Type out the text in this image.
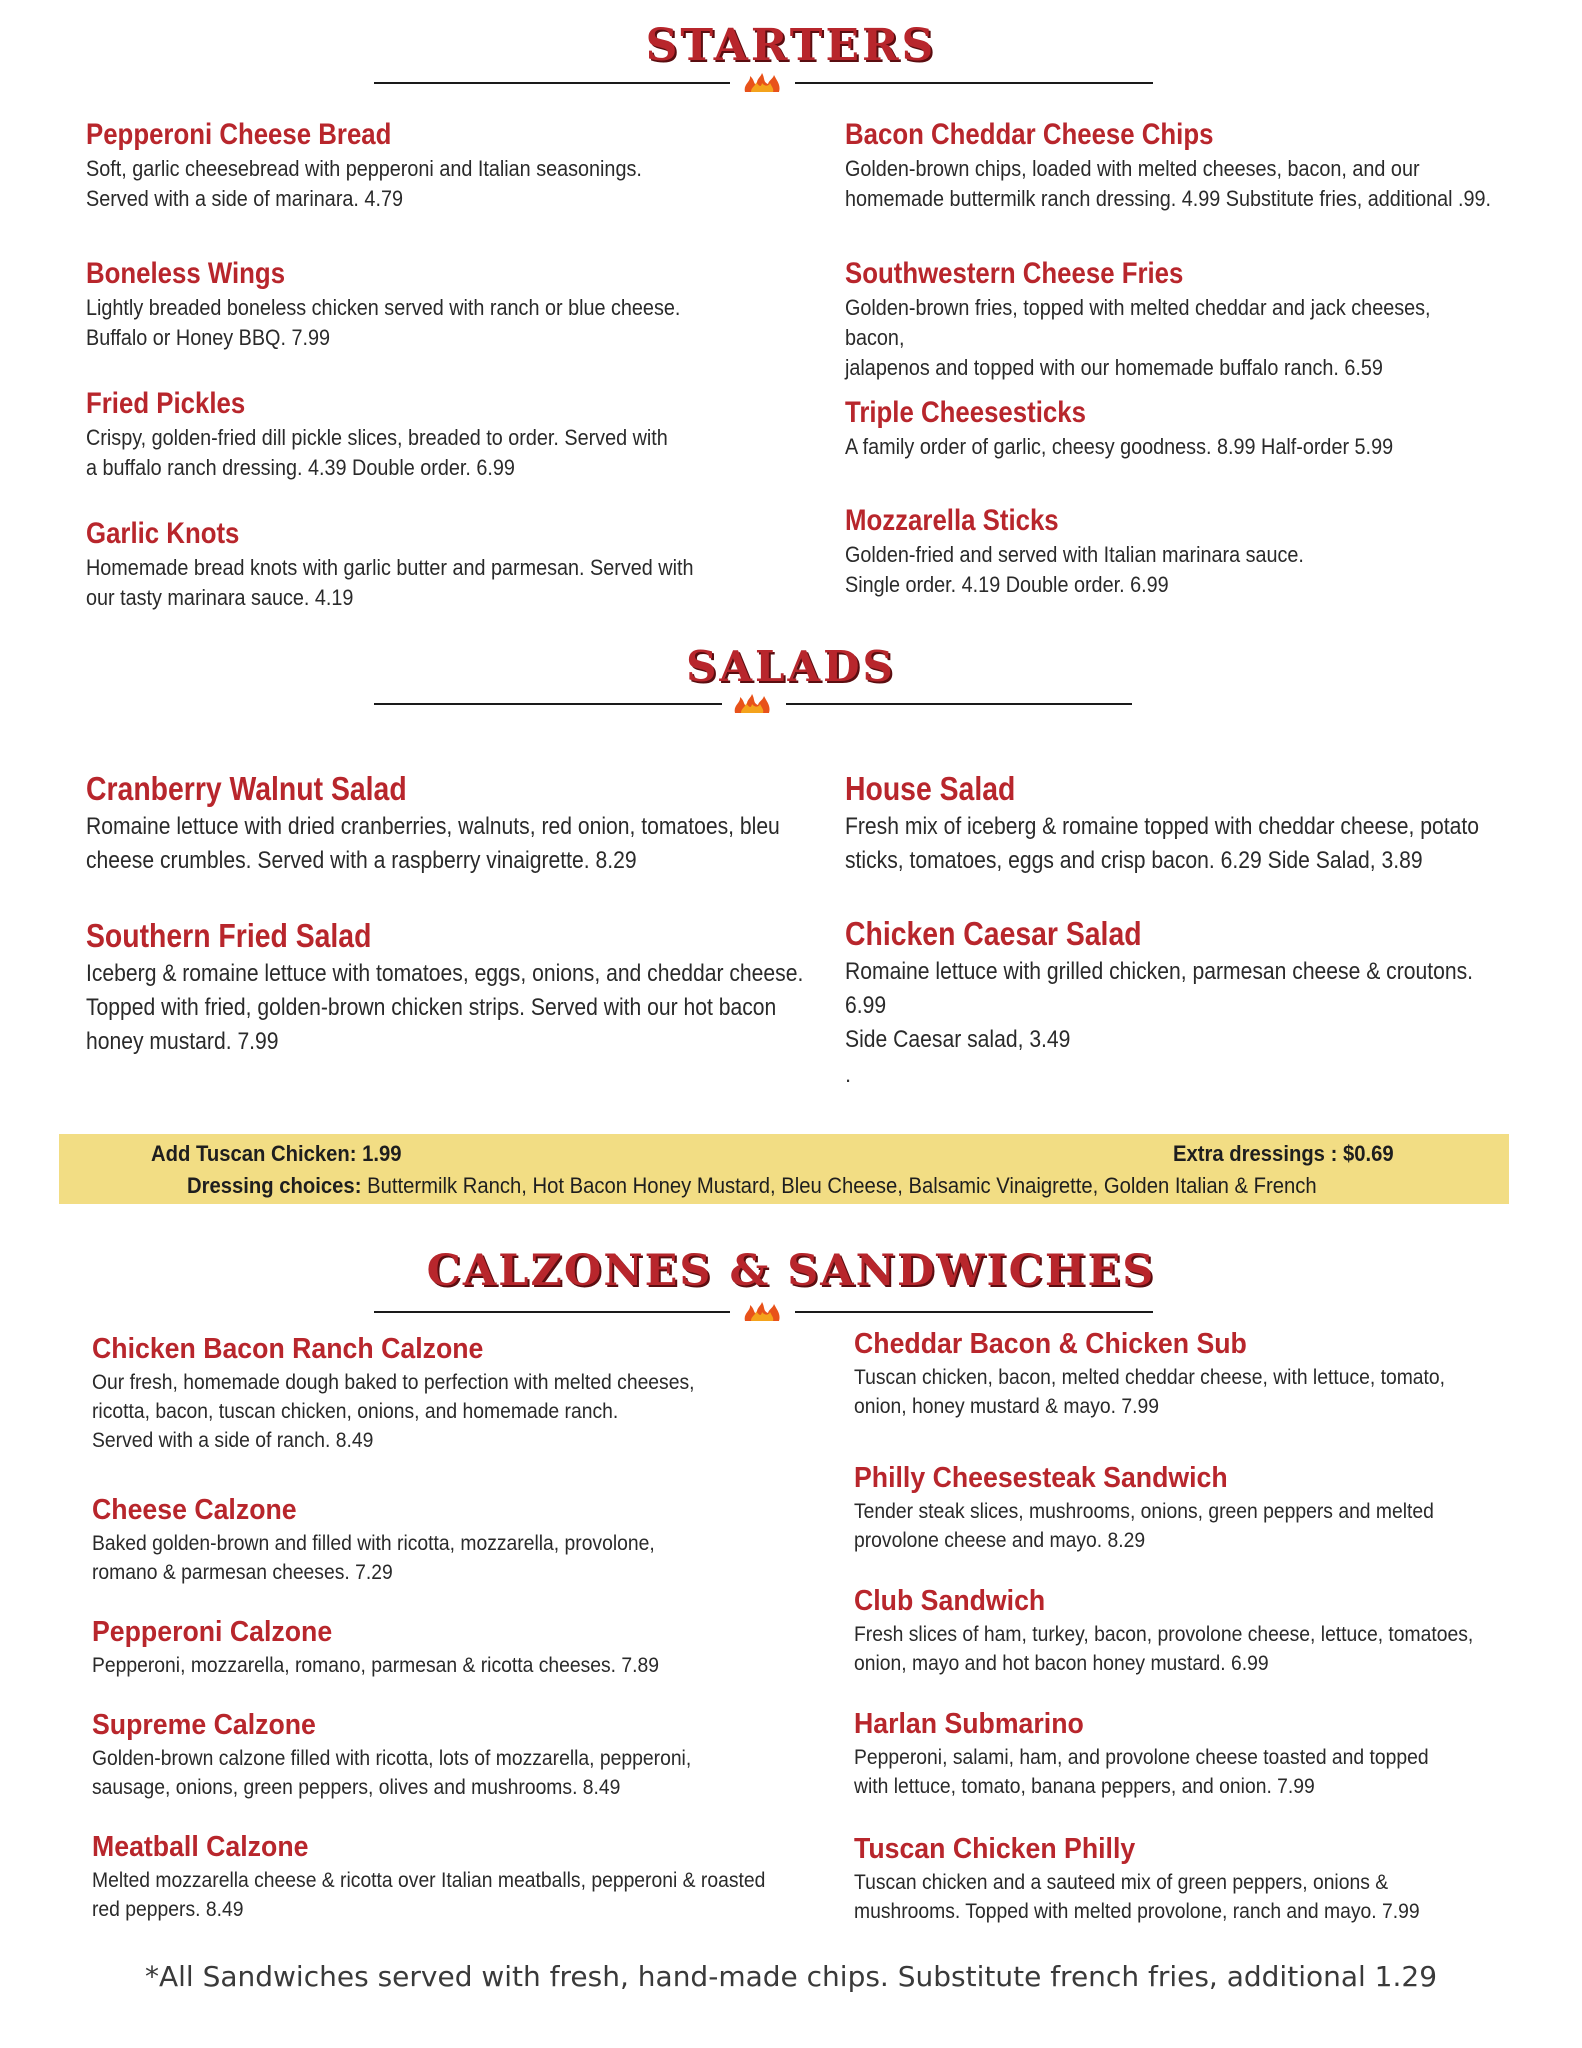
STARTERS
Pepperoni Cheese Bread
Soft, garlic cheesebread with pepperoni and Italian seasonings.
Served with a side of marinara. 4.79
Boneless Wings
Lightly breaded boneless chicken served with ranch or blue cheese.
Buffalo or Honey BBQ. 7.99
Fried Pickles
Crispy, golden-fried dill pickle slices, breaded to order. Served with
a buffalo ranch dressing. 4.39 Double order. 6.99
Garlic Knots
Homemade bread knots with garlic butter and parmesan. Served with
our tasty marinara sauce. 4.19
Bacon Cheddar Cheese Chips
Golden-brown chips, loaded with melted cheeses, bacon, and our
homemade buttermilk ranch dressing. 4.99 Substitute fries, additional .99.
Southwestern Cheese Fries
Golden-brown fries, topped with melted cheddar and jack cheeses, bacon,
jalapenos and topped with our homemade buffalo ranch. 6.59
Triple Cheesesticks
A family order of garlic, cheesy goodness. 8.99 Half-order 5.99
Mozzarella Sticks
Golden-fried and served with Italian marinara sauce.
Single order. 4.19 Double order. 6.99
SALADS
Cranberry Walnut Salad
Romaine lettuce with dried cranberries, walnuts, red onion, tomatoes, bleu
cheese crumbles. Served with a raspberry vinaigrette. 8.29
Southern Fried Salad
Iceberg & romaine lettuce with tomatoes, eggs, onions, and cheddar cheese.
Topped with fried, golden-brown chicken strips. Served with our hot bacon
honey mustard. 7.99
House Salad
Fresh mix of iceberg & romaine topped with cheddar cheese, potato
sticks, tomatoes, eggs and crisp bacon. 6.29 Side Salad, 3.89
Chicken Caesar Salad
Romaine lettuce with grilled chicken, parmesan cheese & croutons. 6.99
Side Caesar salad, 3.49
.
Add Tuscan Chicken: 1.99	Extra dressings : $0.69
Dressing choices: Buttermilk Ranch, Hot Bacon Honey Mustard, Bleu Cheese, Balsamic Vinaigrette, Golden Italian & French
CALZONES & SANDWICHES
Chicken Bacon Ranch Calzone
Our fresh, homemade dough baked to perfection with melted cheeses,
ricotta, bacon, tuscan chicken, onions, and homemade ranch.
Served with a side of ranch. 8.49
Cheese Calzone
Baked golden-brown and filled with ricotta, mozzarella, provolone,
romano & parmesan cheeses. 7.29
Pepperoni Calzone
Pepperoni, mozzarella, romano, parmesan & ricotta cheeses. 7.89
Supreme Calzone
Golden-brown calzone filled with ricotta, lots of mozzarella, pepperoni,
sausage, onions, green peppers, olives and mushrooms. 8.49
Meatball Calzone
Melted mozzarella cheese & ricotta over Italian meatballs, pepperoni & roasted
red peppers. 8.49
Cheddar Bacon & Chicken Sub
Tuscan chicken, bacon, melted cheddar cheese, with lettuce, tomato,
onion, honey mustard & mayo. 7.99
Philly Cheesesteak Sandwich
Tender steak slices, mushrooms, onions, green peppers and melted
provolone cheese and mayo. 8.29
Club Sandwich
Fresh slices of ham, turkey, bacon, provolone cheese, lettuce, tomatoes,
onion, mayo and hot bacon honey mustard. 6.99
Harlan Submarino
Pepperoni, salami, ham, and provolone cheese toasted and topped
with lettuce, tomato, banana peppers, and onion. 7.99
Tuscan Chicken Philly
Tuscan chicken and a sauteed mix of green peppers, onions &
mushrooms. Topped with melted provolone, ranch and mayo. 7.99
*All Sandwiches served with fresh, hand-made chips. Substitute french fries, additional 1.29
